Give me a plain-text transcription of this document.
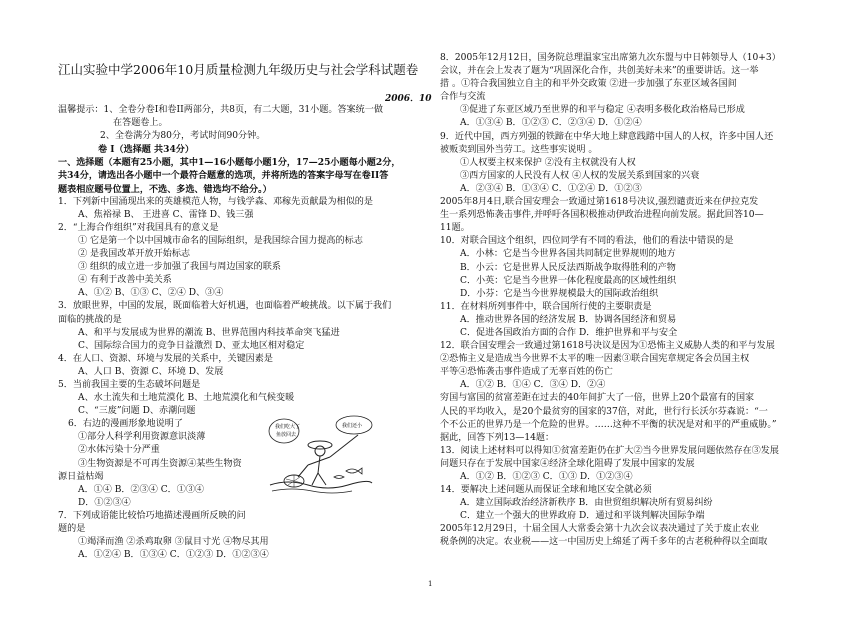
江山实验中学2006年10月质量检测九年级历史与社会学科试题卷
2006．10
温馨提示：1、全卷分卷Ⅰ和卷ⅠⅠ两部分，共8页，有二大题，31小题。答案统一做
在答题卷上。
2、全卷满分为80分，考试时间90分钟。
卷 Ⅰ（选择题 共34分）
一、选择题（本题有25小题，其中1—16小题每小题1分，17—25小题每小题2分，
共34分，请选出各小题中一个最符合题意的选项，并将所选的答案字母写在卷ⅠⅠ答
题表相应题号位置上，不选、多选、错选均不给分。）
1．下列新中国涌现出来的英雄模范人物，与钱学森、邓稼先贡献最为相似的是
A、焦裕禄 B、 王进喜 C、雷锋 D、钱三强
2．“上海合作组织”对我国具有的意义是
① 它是第一个以中国城市命名的国际组织，是我国综合国力提高的标志
② 是我国改革开放开始标志
③ 组织的成立进一步加强了我国与周边国家的联系
④ 有利于改善中美关系
A、①② B、①③ C、②④ D、③④
3．放眼世界，中国的发展，既面临着大好机遇，也面临着严峻挑战。以下属于我们
面临的挑战的是
A、和平与发展成为世界的潮流 B、世界范围内科技革命突飞猛进
C、国际综合国力的竞争日益激烈 D、亚太地区相对稳定
4．在人口、资源、环境与发展的关系中，关键因素是
A、人口 B、资源 C、环境 D、发展
5．当前我国主要的生态破坏问题是
A、水土流失和土地荒漠化 B、土地荒漠化和气候变暖
C、“三废”问题 D、赤潮问题
6．右边的漫画形象地说明了
①部分人科学利用资源意识淡薄
②水体污染十分严重
③生物资源是不可再生资源④某些生物资
源日益枯竭
A．①④ B．②③④ C．①③④
D．①②③④
7．下列成语能比较恰巧地描述漫画所反映的问
题的是
①竭泽而渔 ②杀鸡取卵 ③鼠目寸光 ④物尽其用
A．①②④ B．①③④ C．①②③ D．①②③④
我们吃大了
鱼放回去
我们还小
8．2005年12月12日，国务院总理温家宝出席第九次东盟与中日韩领导人（10+3）
会议，并在会上发表了题为“巩固深化合作，共创美好未来”的重要讲话。这一举
措 。①符合我国独立自主的和平外交政策 ②进一步加强了东亚区域各国间
合作与交流
③促进了东亚区域乃至世界的和平与稳定 ④表明多极化政治格局已形成
A．①③④ B．①②③ C．②③④ D．①②④
9．近代中国，西方列强的铁蹄在中华大地上肆意践踏中国人的人权，许多中国人还
被贩卖到国外当劳工。这些事实说明 。
①人权要主权来保护 ②没有主权就没有人权
③西方国家的人民没有人权 ④人权的发展关系到国家的兴衰
A．②③④ B．①③④ C．①②④ D．①②③
2005年8月4日,联合国安理会一致通过第1618号决议,强烈谴责近来在伊拉克发
生一系列恐怖袭击事件,并呼吁各国积极推动伊政治进程向前发展。据此回答10—
11题。
10．对联合国这个组织，四位同学有不同的看法，他们的看法中错误的是
A．小林：它是当今世界各国共同制定世界规则的地方
B．小云：它是世界人民反法西斯战争取得胜利的产物
C．小英：它是当今世界一体化程度最高的区域性组织
D．小芬：它是当今世界规模最大的国际政治组织
11．在材料所列事件中，联合国所行使的主要职责是
A．推动世界各国的经济发展 B．协调各国经济和贸易
C．促进各国政治方面的合作 D．维护世界和平与安全
12．联合国安理会一致通过第1618号决议是因为①恐怖主义威胁人类的和平与发展
②恐怖主义是造成当今世界不太平的唯一因素③联合国宪章规定各会员国主权
平等④恐怖袭击事件造成了无辜百姓的伤亡
A．①② B．①④ C．③④ D．②④
穷国与富国的贫富差距在过去的40年间扩大了一倍，世界上20个最富有的国家
人民的平均收入，是20个最贫穷的国家的37倍，对此，世行行长沃尔芬森说：“一
个不公正的世界乃是一个危险的世界。……这种不平衡的状况是对和平的严重威胁。”
据此，回答下列13—14题：
13．阅读上述材料可以得知①贫富差距仍在扩大②当今世界发展问题依然存在③发展
问题只存在于发展中国家④经济全球化阻碍了发展中国家的发展
A．①② B．①②③ C．①③ D．①②③④
14．要解决上述问题从而保证全球和地区安全就必须
A．建立国际政治经济新秩序 B．由世贸组织解决所有贸易纠纷
C．建立一个强大的世界政府 D．通过和平谈判解决国际争端
2005年12月29日，十届全国人大常委会第十九次会议表决通过了关于废止农业
税条例的决定。农业税——这一中国历史上绵延了两千多年的古老税种得以全面取
1
